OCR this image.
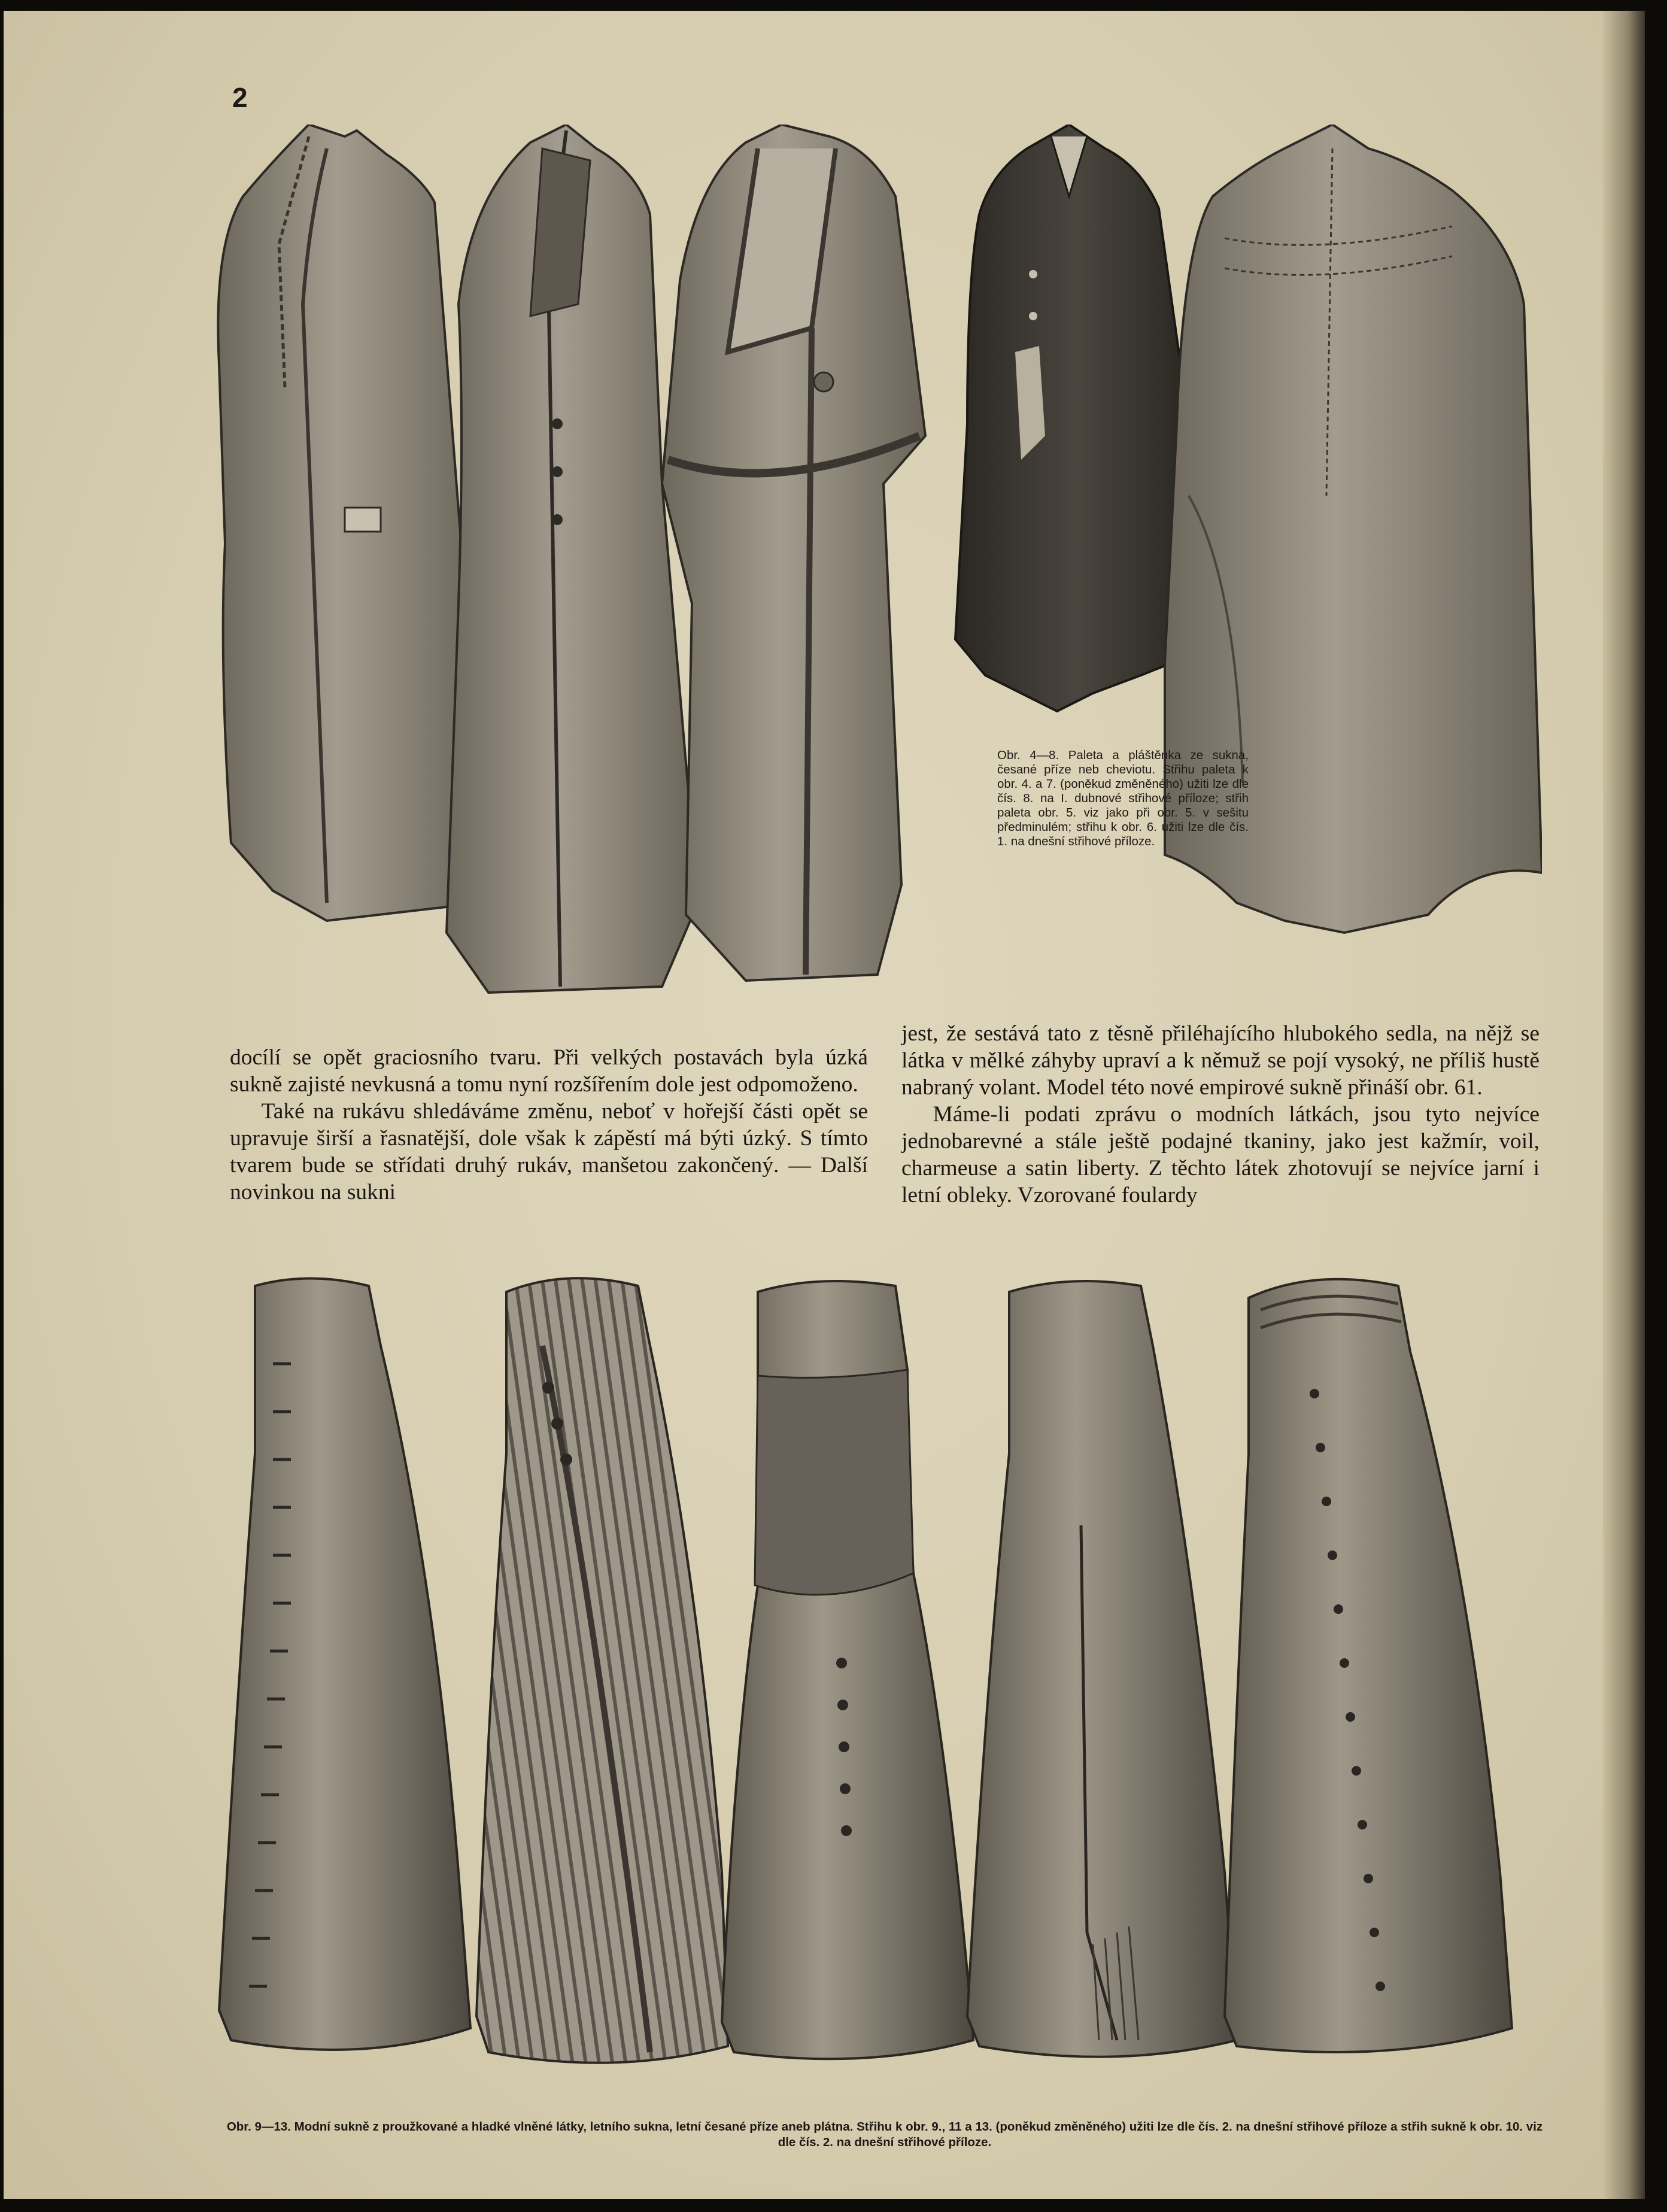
2
Obr. 4—8. Paleta a pláštěnka ze sukna, česané příze neb cheviotu. Střihu paleta k obr. 4. a 7. (poněkud změněného) užiti lze dle čís. 8. na I. dubnové střihové příloze; střih paleta obr. 5. viz jako při obr. 5. v sešitu předminulém; střihu k obr. 6. užiti lze dle čís. 1. na dnešní střihové příloze.

docílí se opět graciosního tvaru. Při velkých postavách byla úzká sukně zajisté nevkusná a tomu nyní rozšířením dole jest odpomoženo.

Také na rukávu shledáváme změnu, neboť v hořejší části opět se upravuje širší a řasnatější, dole však k zápěstí má býti úzký. S tímto tvarem bude se střídati druhý rukáv, manšetou zakončený. — Další novinkou na sukni

jest, že sestává tato z těsně přiléhajícího hlubokého sedla, na nějž se látka v mělké záhyby upraví a k němuž se pojí vysoký, ne příliš hustě nabraný volant. Model této nové empirové sukně přináší obr. 61.

Máme-li podati zprávu o modních látkách, jsou tyto nejvíce jednobarevné a stále ještě podajné tkaniny, jako jest kažmír, voil, charmeuse a satin liberty. Z těchto látek zhotovují se nejvíce jarní i letní obleky. Vzorované foulardy

Obr. 9—13. Modní sukně z proužkované a hladké vlněné látky, letního sukna, letní česané příze aneb plátna. Střihu k obr. 9., 11 a 13. (poněkud změněného) užiti lze dle čís. 2. na dnešní střihové příloze a střih sukně k obr. 10. viz dle čís. 2. na dnešní střihové příloze.
